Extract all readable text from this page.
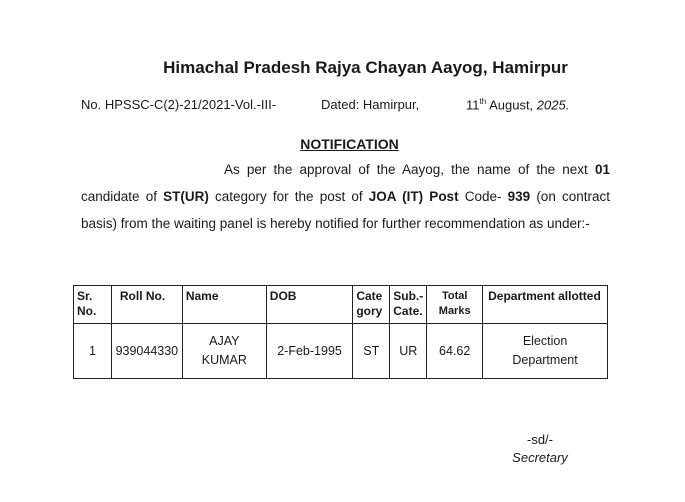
Himachal Pradesh Rajya Chayan Aayog, Hamirpur
No. HPSSC-C(2)-21/2021-Vol.-III-	Dated: Hamirpur,	11th August, 2025.
NOTIFICATION
As per the approval of the Aayog, the name of the next 01 candidate of ST(UR) category for the post of JOA (IT) Post Code- 939 (on contract basis) from the waiting panel is hereby notified for further recommendation as under:-
Sr. No.	Roll No.	Name	DOB	Cate gory	Sub.- Cate.	Total Marks	Department allotted
1	939044330	AJAY KUMAR	2-Feb-1995	ST	UR	64.62	Election Department
-sd/-
Secretary
